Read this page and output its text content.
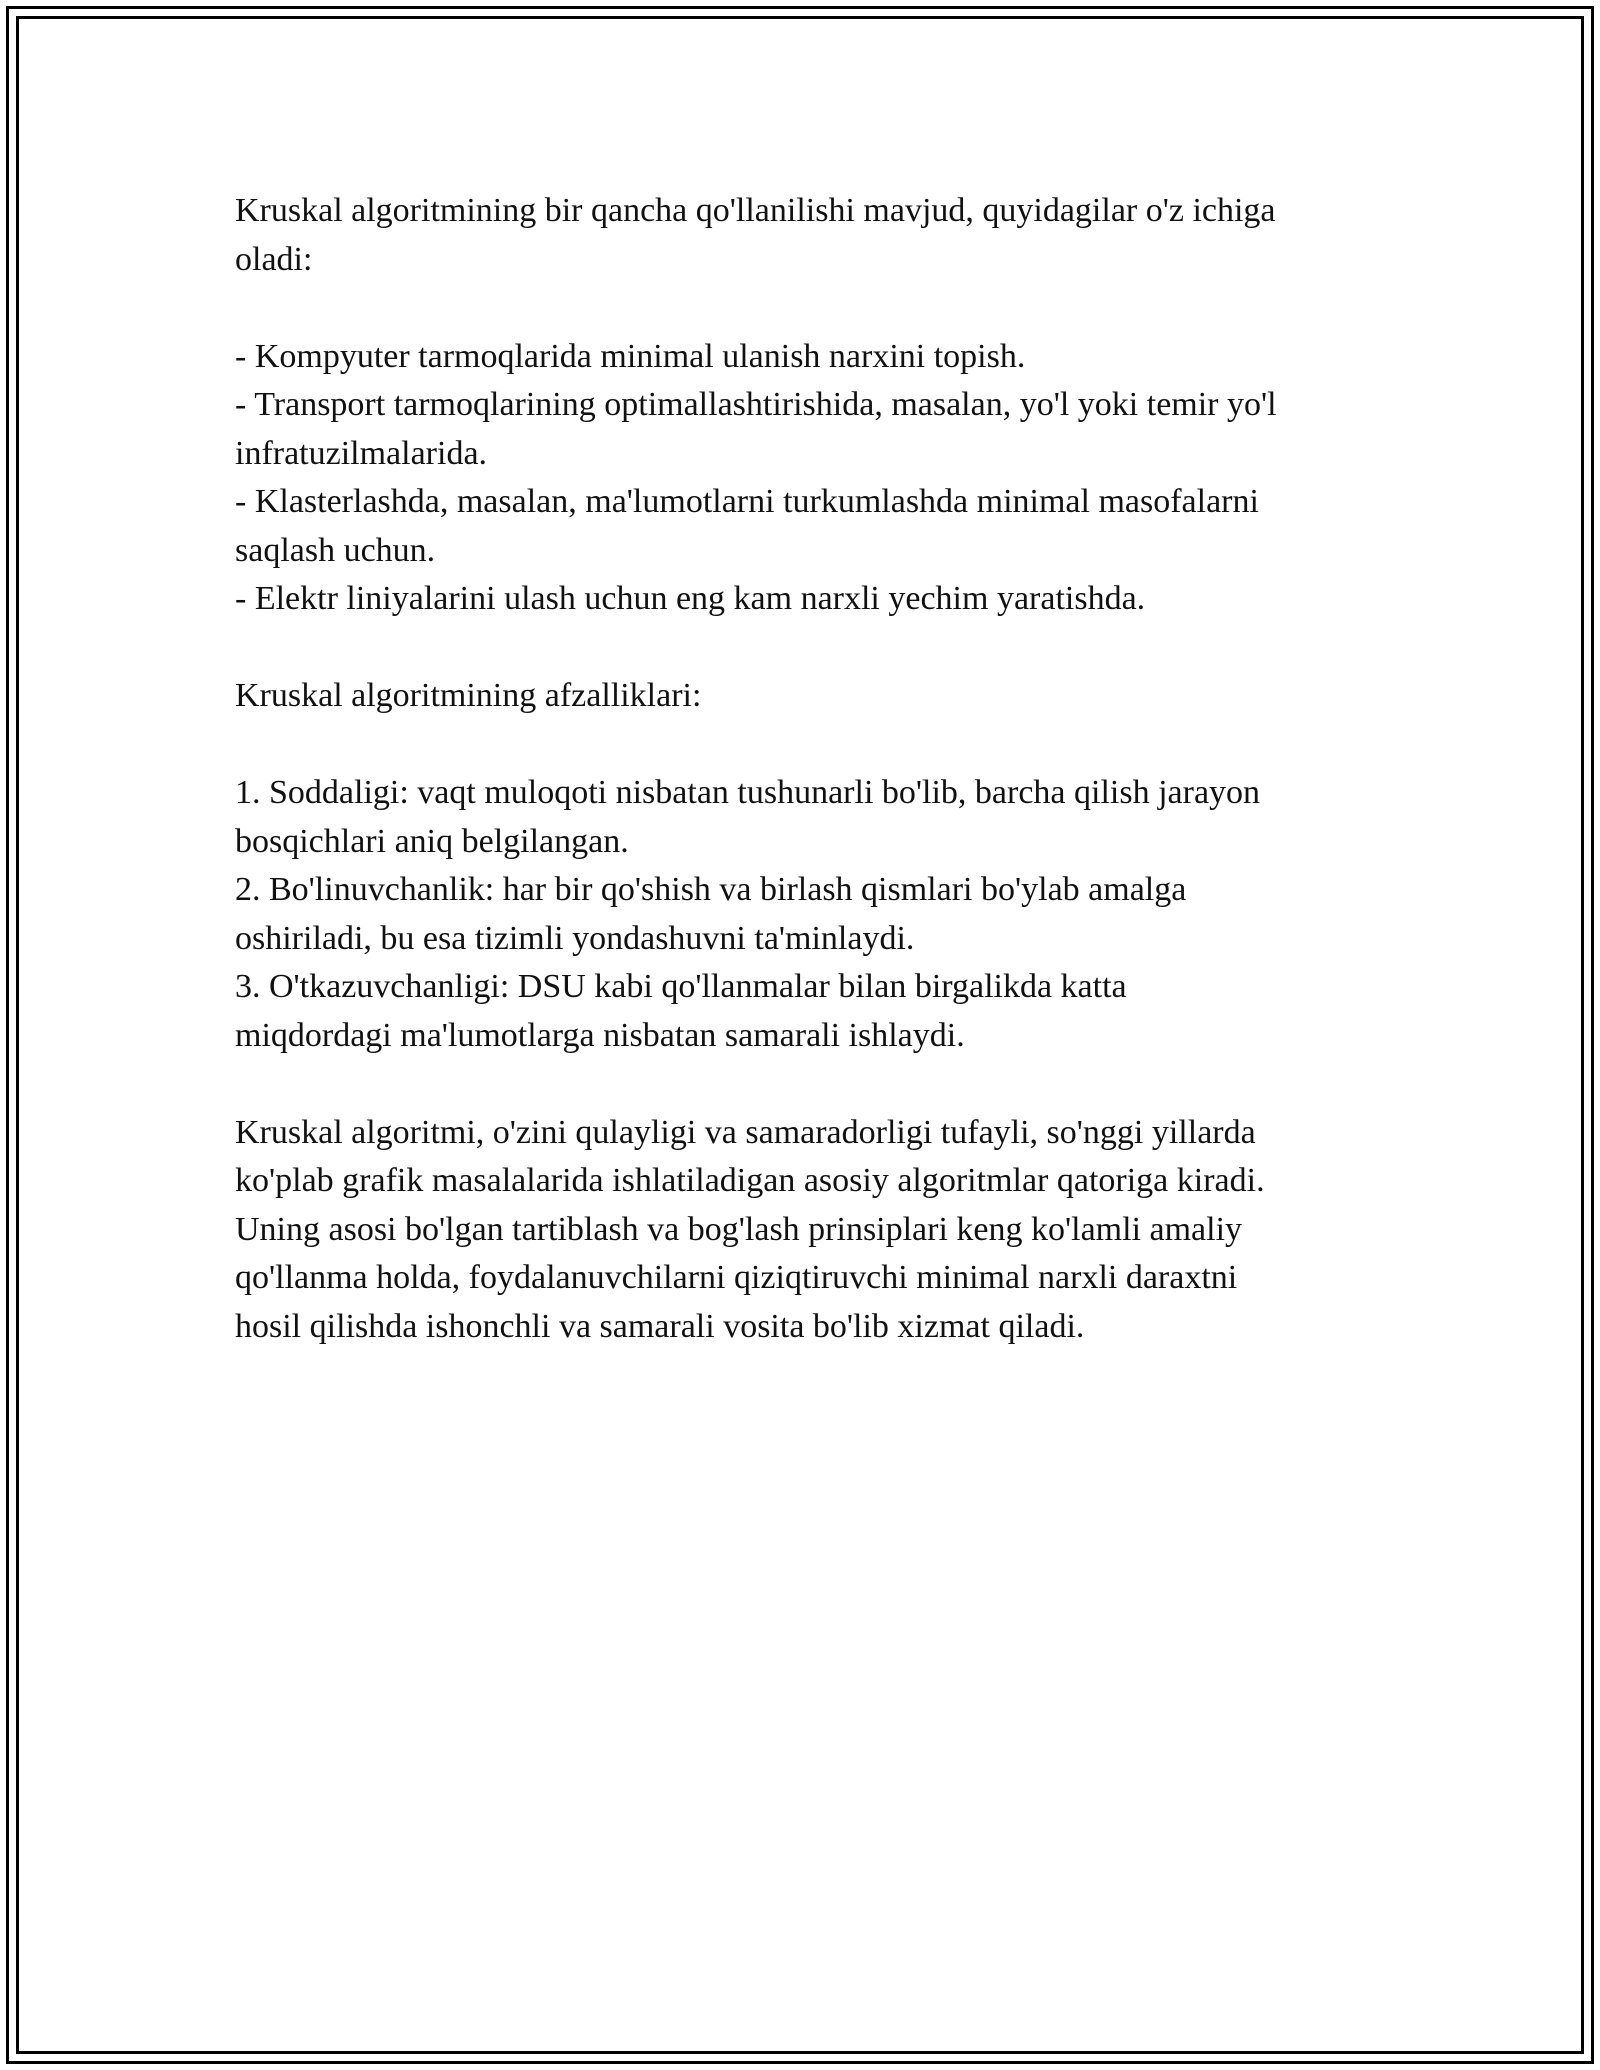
Kruskal algoritmining bir qancha qo'llanilishi mavjud, quyidagilar o'z ichiga
oladi:
- Kompyuter tarmoqlarida minimal ulanish narxini topish.
- Transport tarmoqlarining optimallashtirishida, masalan, yo'l yoki temir yo'l
infratuzilmalarida.
- Klasterlashda, masalan, ma'lumotlarni turkumlashda minimal masofalarni
saqlash uchun.
- Elektr liniyalarini ulash uchun eng kam narxli yechim yaratishda.
Kruskal algoritmining afzalliklari:
1. Soddaligi: vaqt muloqoti nisbatan tushunarli bo'lib, barcha qilish jarayon
bosqichlari aniq belgilangan.
2. Bo'linuvchanlik: har bir qo'shish va birlash qismlari bo'ylab amalga
oshiriladi, bu esa tizimli yondashuvni ta'minlaydi.
3. O'tkazuvchanligi: DSU kabi qo'llanmalar bilan birgalikda katta
miqdordagi ma'lumotlarga nisbatan samarali ishlaydi.
Kruskal algoritmi, o'zini qulayligi va samaradorligi tufayli, so'nggi yillarda
ko'plab grafik masalalarida ishlatiladigan asosiy algoritmlar qatoriga kiradi.
Uning asosi bo'lgan tartiblash va bog'lash prinsiplari keng ko'lamli amaliy
qo'llanma holda, foydalanuvchilarni qiziqtiruvchi minimal narxli daraxtni
hosil qilishda ishonchli va samarali vosita bo'lib xizmat qiladi.
